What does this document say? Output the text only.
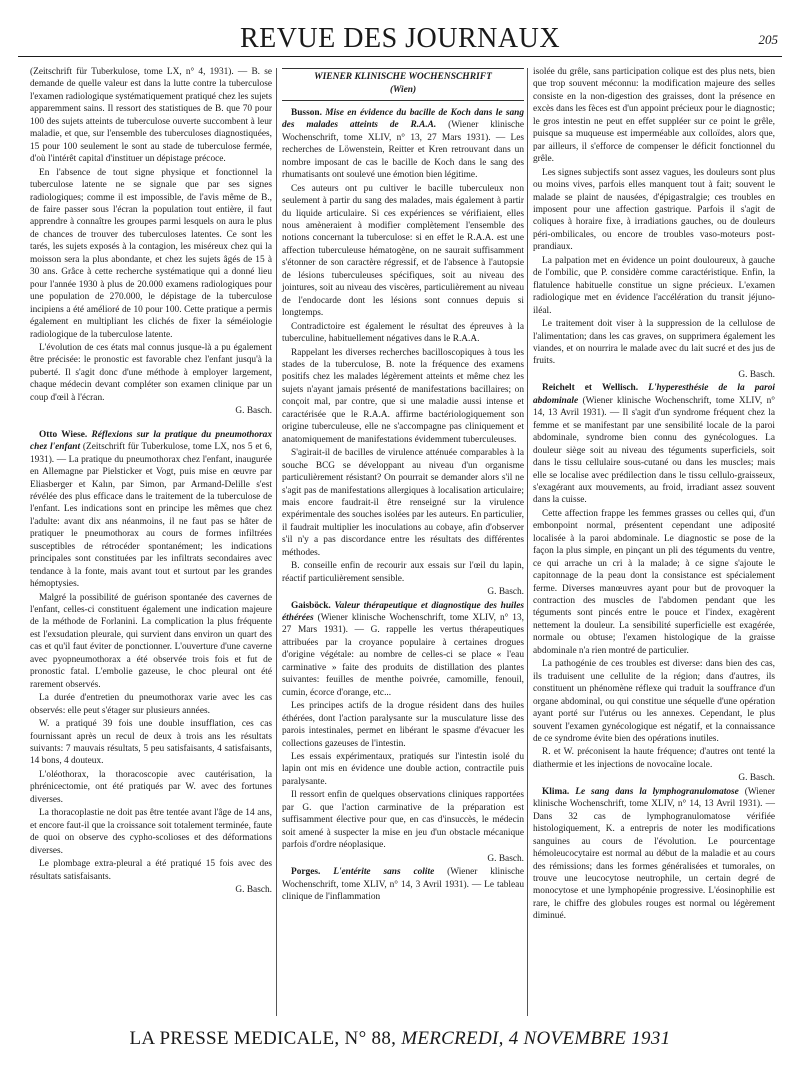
REVUE DES JOURNAUX	205

(Zeitschrift für Tuberkulose, tome LX, n° 4, 1931). — B. se demande de quelle valeur est dans la lutte contre la tuberculose l'examen radiologique systématiquement pratiqué chez les sujets apparemment sains. Il ressort des statistiques de B. que 70 pour 100 des sujets atteints de tuberculose ouverte succombent à leur maladie, et que, sur l'ensemble des tuberculoses diagnostiquées, 15 pour 100 seulement le sont au stade de tuberculose fermée, d'où l'intérêt capital d'instituer un dépistage précoce.

En l'absence de tout signe physique et fonctionnel la tuberculose latente ne se signale que par ses signes radiologiques; comme il est impossible, de l'avis même de B., de faire passer sous l'écran la population tout entière, il faut apprendre à connaître les groupes parmi lesquels on aura le plus de chances de trouver des tuberculoses latentes. Ce sont les tarés, les sujets exposés à la contagion, les miséreux chez qui la moisson sera la plus abondante, et chez les sujets âgés de 15 à 30 ans. Grâce à cette recherche systématique qui a donné lieu pour l'année 1930 à plus de 20.000 examens radiologiques pour une population de 270.000, le dépistage de la tuberculose incipiens a été amélioré de 10 pour 100. Cette pratique a permis également en multipliant les clichés de fixer la séméiologie radiologique de la tuberculose latente.

L'évolution de ces états mal connus jusque-là a pu également être précisée: le pronostic est favorable chez l'enfant jusqu'à la puberté. Il s'agit donc d'une méthode à employer largement, chaque médecin devant compléter son examen clinique par un coup d'œil à l'écran.

G. Basch.

Otto Wiese. Réflexions sur la pratique du pneumothorax chez l'enfant (Zeitschrift für Tuberkulose, tome LX, nos 5 et 6, 1931). — La pratique du pneumothorax chez l'enfant, inaugurée en Allemagne par Pielsticker et Vogt, puis mise en œuvre par Eliasberger et Kalın, par Simon, par Armand-Delille s'est révélée des plus efficace dans le traitement de la tuberculose de l'enfant. Les indications sont en principe les mêmes que chez l'adulte: avant dix ans néanmoins, il ne faut pas se hâter de pratiquer le pneumothorax au cours de formes infiltrées susceptibles de rétrocéder spontanément; les indications principales sont constituées par les infiltrats secondaires avec tendance à la fonte, mais avant tout et surtout par les grandes hémoptysies.

Malgré la possibilité de guérison spontanée des cavernes de l'enfant, celles-ci constituent également une indication majeure de la méthode de Forlanini. La complication la plus fréquente est l'exsudation pleurale, qui survient dans environ un quart des cas et qu'il faut éviter de ponctionner. L'ouverture d'une caverne avec pyopneumothorax a été observée trois fois et fut de pronostic fatal. L'embolie gazeuse, le choc pleural ont été rarement observés.

La durée d'entretien du pneumothorax varie avec les cas observés: elle peut s'étager sur plusieurs années.

W. a pratiqué 39 fois une double insufflation, ces cas fournissant après un recul de deux à trois ans les résultats suivants: 7 mauvais résultats, 5 peu satisfaisants, 4 satisfaisants, 14 bons, 4 douteux.

L'oléothorax, la thoracoscopie avec cautérisation, la phrénicectomie, ont été pratiqués par W. avec des fortunes diverses.

La thoracoplastie ne doit pas être tentée avant l'âge de 14 ans, et encore faut-il que la croissance soit totalement terminée, faute de quoi on observe des cypho-scolioses et des déformations diverses.

Le plombage extra-pleural a été pratiqué 15 fois avec des résultats satisfaisants.

G. Basch.

WIENER KLINISCHE WOCHENSCHRIFT

(Wien)

Busson. Mise en évidence du bacille de Koch dans le sang des malades atteints de R.A.A. (Wiener klinische Wochenschrift, tome XLIV, n° 13, 27 Mars 1931). — Les recherches de Löwenstein, Reitter et Kren retrouvant dans un nombre imposant de cas le bacille de Koch dans le sang des rhumatisants ont soulevé une émotion bien légitime.

Ces auteurs ont pu cultiver le bacille tuberculeux non seulement à partir du sang des malades, mais également à partir du liquide articulaire. Si ces expériences se vérifiaient, elles nous amèneraient à modifier complètement l'ensemble des notions concernant la tuberculose: si en effet le R.A.A. est une affection tuberculeuse hématogène, on ne saurait suffisamment s'étonner de son caractère régressif, et de l'absence à l'autopsie de lésions tuberculeuses spécifiques, soit au niveau des jointures, soit au niveau des viscères, particulièrement au niveau de l'endocarde dont les lésions sont connues depuis si longtemps.

Contradictoire est également le résultat des épreuves à la tuberculine, habituellement négatives dans le R.A.A.

Rappelant les diverses recherches bacilloscopiques à tous les stades de la tuberculose, B. note la fréquence des examens positifs chez les malades légèrement atteints et même chez les sujets n'ayant jamais présenté de manifestations bacillaires; on conçoit mal, par contre, que si une maladie aussi intense et caractérisée que le R.A.A. affirme bactériologiquement son origine tuberculeuse, elle ne s'accompagne pas cliniquement et anatomiquement de manifestations évidemment tuberculeuses.

S'agirait-il de bacilles de virulence atténuée comparables à la souche BCG se développant au niveau d'un organisme particulièrement résistant? On pourrait se demander alors s'il ne s'agit pas de manifestations allergiques à localisation articulaire; mais encore faudrait-il être renseigné sur la virulence expérimentale des souches isolées par les auteurs. En particulier, il faudrait multiplier les inoculations au cobaye, afin d'observer s'il n'y a pas discordance entre les résultats des différentes méthodes.

B. conseille enfin de recourir aux essais sur l'œil du lapin, réactif particulièrement sensible.

G. Basch.

Gaisböck. Valeur thérapeutique et diagnostique des huiles éthérées (Wiener klinische Wochenschrift, tome XLIV, n° 13, 27 Mars 1931). — G. rappelle les vertus thérapeutiques attribuées par la croyance populaire à certaines drogues d'origine végétale: au nombre de celles-ci se place « l'eau carminative » faite des produits de distillation des plantes suivantes: feuilles de menthe poivrée, camomille, fenouil, cumin, écorce d'orange, etc...

Les principes actifs de la drogue résident dans des huiles éthérées, dont l'action paralysante sur la musculature lisse des parois intestinales, permet en libérant le spasme d'évacuer les collections gazeuses de l'intestin.

Les essais expérimentaux, pratiqués sur l'intestin isolé du lapin ont mis en évidence une double action, contractile puis paralysante.

Il ressort enfin de quelques observations cliniques rapportées par G. que l'action carminative de la préparation est suffisamment élective pour que, en cas d'insuccès, le médecin soit amené à suspecter la mise en jeu d'un obstacle mécanique parfois d'ordre néoplasique.

G. Basch.

Porges. L'entérite sans colite (Wiener klinische Wochenschrift, tome XLIV, n° 14, 3 Avril 1931). — Le tableau clinique de l'inflammation

isolée du grêle, sans participation colique est des plus nets, bien que trop souvent méconnu: la modification majeure des selles consiste en la non-digestion des graisses, dont la présence en excès dans les fèces est d'un appoint précieux pour le diagnostic; le gros intestin ne peut en effet suppléer sur ce point le grêle, puisque sa muqueuse est imperméable aux colloïdes, alors que, par ailleurs, il s'efforce de compenser le déficit fonctionnel du grêle.

Les signes subjectifs sont assez vagues, les douleurs sont plus ou moins vives, parfois elles manquent tout à fait; souvent le malade se plaint de nausées, d'épigastralgie; ces troubles en imposent pour une affection gastrique. Parfois il s'agit de coliques à horaire fixe, à irradiations gauches, ou de douleurs péri-ombilicales, ou encore de troubles vaso-moteurs post-prandiaux.

La palpation met en évidence un point douloureux, à gauche de l'ombilic, que P. considère comme caractéristique. Enfin, la flatulence habituelle constitue un signe précieux. L'examen radiologique met en évidence l'accélération du transit jéjuno-iléal.

Le traitement doit viser à la suppression de la cellulose de l'alimentation; dans les cas graves, on supprimera également les viandes, et on nourrira le malade avec du lait sucré et des jus de fruits.

G. Basch.

Reichelt et Wellisch. L'hyperesthésie de la paroi abdominale (Wiener klinische Wochenschrift, tome XLIV, n° 14, 13 Avril 1931). — Il s'agit d'un syndrome fréquent chez la femme et se manifestant par une sensibilité locale de la paroi abdominale, syndrome bien connu des gynécologues. La douleur siège soit au niveau des téguments superficiels, soit dans le tissu cellulaire sous-cutané ou dans les muscles; mais elle se localise avec prédilection dans le tissu cellulo-graisseux, s'exagérant aux mouvements, au froid, irradiant assez souvent dans la cuisse.

Cette affection frappe les femmes grasses ou celles qui, d'un embonpoint normal, présentent cependant une adiposité localisée à la paroi abdominale. Le diagnostic se pose de la façon la plus simple, en pinçant un pli des téguments du ventre, ce qui arrache un cri à la malade; à ce signe s'ajoute le capitonnage de la peau dont la consistance est spécialement ferme. Diverses manœuvres ayant pour but de provoquer la contraction des muscles de l'abdomen pendant que les téguments sont pincés entre le pouce et l'index, exagèrent nettement la douleur. La sensibilité superficielle est exagérée, normale ou obtuse; l'examen histologique de la graisse abdominale n'a rien montré de particulier.

La pathogénie de ces troubles est diverse: dans bien des cas, ils traduisent une cellulite de la région; dans d'autres, ils constituent un phénomène réflexe qui traduit la souffrance d'un organe abdominal, ou qui constitue une séquelle d'une opération ayant porté sur l'utérus ou les annexes. Cependant, le plus souvent l'examen gynécologique est négatif, et la connaissance de ce syndrome évite bien des opérations inutiles.

R. et W. préconisent la haute fréquence; d'autres ont tenté la diathermie et les injections de novocaïne locale.

G. Basch.

Klima. Le sang dans la lymphogranulomatose (Wiener klinische Wochenschrift, tome XLIV, n° 14, 13 Avril 1931). — Dans 32 cas de lymphogranulomatose vérifiée histologiquement, K. a entrepris de noter les modifications sanguines au cours de l'évolution. Le pourcentage hémoleucocytaire est normal au début de la maladie et au cours des rémissions; dans les formes généralisées et tumorales, on trouve une leucocytose neutrophile, un certain degré de monocytose et une lymphopénie progressive. L'éosinophilie est rare, le chiffre des globules rouges est normal ou légèrement diminué.

LA PRESSE MEDICALE, N° 88, MERCREDI, 4 NOVEMBRE 1931
